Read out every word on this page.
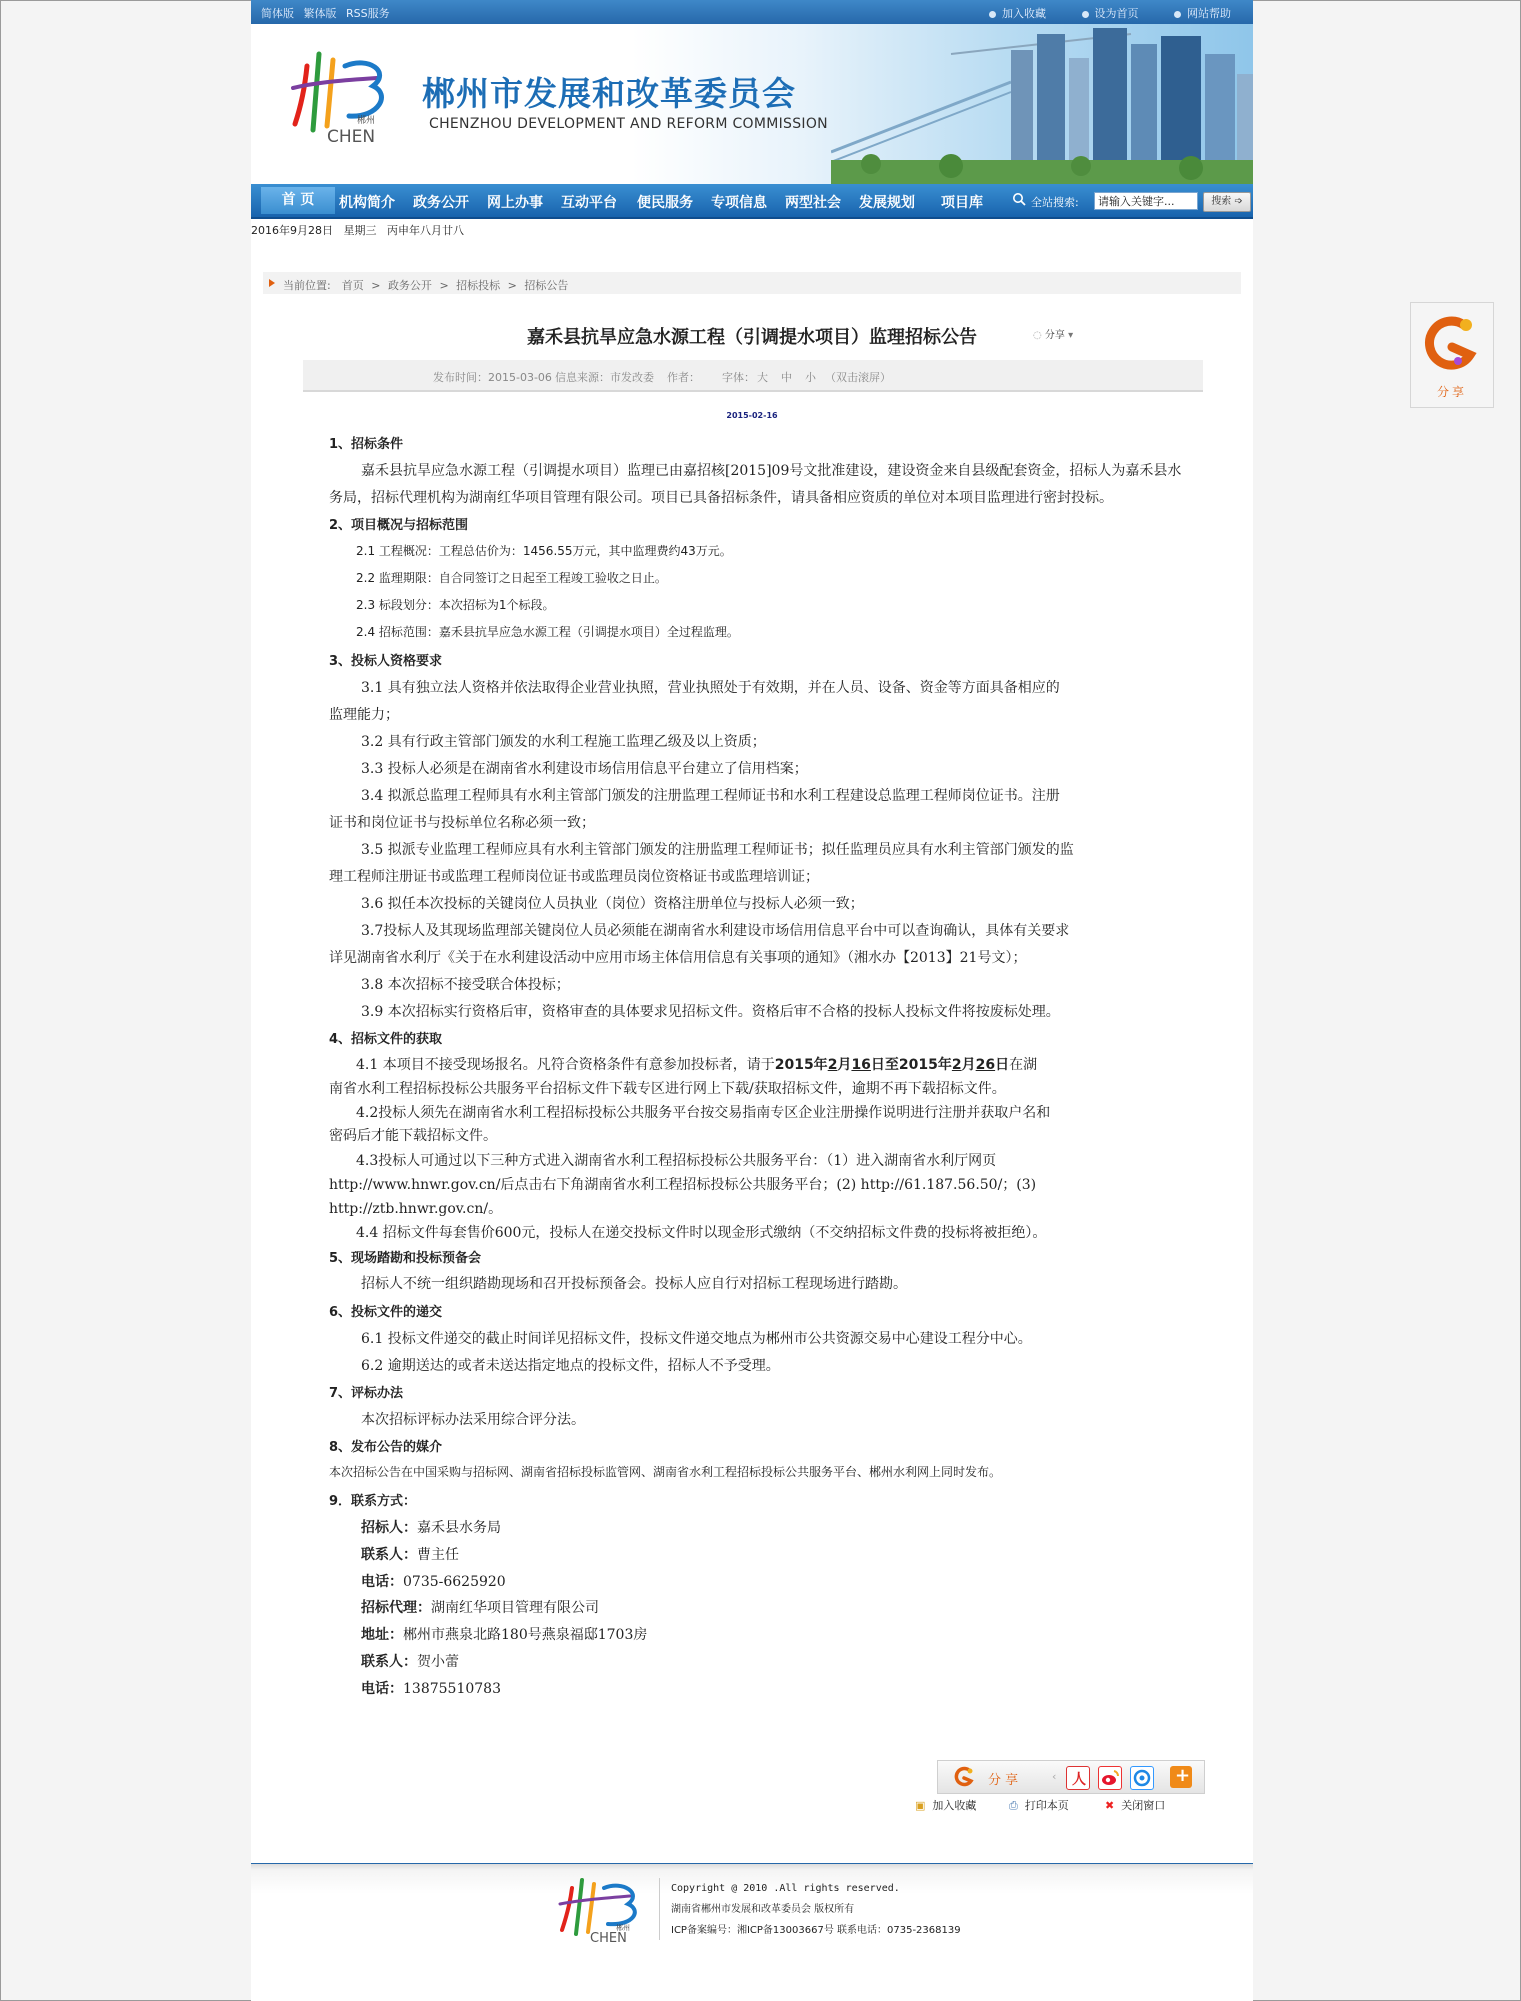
简体版 繁体版 RSS服务	加入收藏	设为首页	网站帮助
郴州
CHEN
郴州市发展和改革委员会
CHENZHOU DEVELOPMENT AND REFORM COMMISSION
首 页	机构简介 政务公开 网上办事 互动平台 便民服务 专项信息 两型社会 发展规划 项目库	全站搜索:
请输入关键字...	搜索 ➩
2016年9月28日   星期三   丙申年八月廿八
当前位置: 首页 > 政务公开 > 招标投标 > 招标公告
嘉禾县抗旱应急水源工程（引调提水项目）监理招标公告	◌ 分享 ▾
发布时间：2015-03-06 信息来源：市发改委 作者： 字体： 大 中 小 （双击滚屏）
2015-02-16
1、招标条件
嘉禾县抗旱应急水源工程（引调提水项目）监理已由嘉招核[2015]09号文批准建设，建设资金来自县级配套资金，招标人为嘉禾县水
务局，招标代理机构为湖南红华项目管理有限公司。项目已具备招标条件，请具备相应资质的单位对本项目监理进行密封投标。
2、项目概况与招标范围
2.1 工程概况：工程总估价为：1456.55万元，其中监理费约43万元。
2.2 监理期限：自合同签订之日起至工程竣工验收之日止。
2.3 标段划分：本次招标为1个标段。
2.4 招标范围：嘉禾县抗旱应急水源工程（引调提水项目）全过程监理。
3、投标人资格要求
3.1 具有独立法人资格并依法取得企业营业执照，营业执照处于有效期，并在人员、设备、资金等方面具备相应的
监理能力；
3.2 具有行政主管部门颁发的水利工程施工监理乙级及以上资质；
3.3 投标人必须是在湖南省水利建设市场信用信息平台建立了信用档案；
3.4 拟派总监理工程师具有水利主管部门颁发的注册监理工程师证书和水利工程建设总监理工程师岗位证书。注册
证书和岗位证书与投标单位名称必须一致；
3.5 拟派专业监理工程师应具有水利主管部门颁发的注册监理工程师证书；拟任监理员应具有水利主管部门颁发的监
理工程师注册证书或监理工程师岗位证书或监理员岗位资格证书或监理培训证；
3.6 拟任本次投标的关键岗位人员执业（岗位）资格注册单位与投标人必须一致；
3.7投标人及其现场监理部关键岗位人员必须能在湖南省水利建设市场信用信息平台中可以查询确认，具体有关要求
详见湖南省水利厅《关于在水利建设活动中应用市场主体信用信息有关事项的通知》（湘水办【2013】21号文）；
3.8 本次招标不接受联合体投标；
3.9 本次招标实行资格后审，资格审查的具体要求见招标文件。资格后审不合格的投标人投标文件将按废标处理。
4、招标文件的获取
4.1 本项目不接受现场报名。凡符合资格条件有意参加投标者，请于2015年2月16日至2015年2月26日在湖
南省水利工程招标投标公共服务平台招标文件下载专区进行网上下载/获取招标文件，逾期不再下载招标文件。
4.2投标人须先在湖南省水利工程招标投标公共服务平台按交易指南专区企业注册操作说明进行注册并获取户名和
密码后才能下载招标文件。
4.3投标人可通过以下三种方式进入湖南省水利工程招标投标公共服务平台：（1）进入湖南省水利厅网页
http://www.hnwr.gov.cn/后点击右下角湖南省水利工程招标投标公共服务平台；(2) http://61.187.56.50/；(3)
http://ztb.hnwr.gov.cn/。
4.4 招标文件每套售价600元，投标人在递交投标文件时以现金形式缴纳（不交纳招标文件费的投标将被拒绝）。
5、现场踏勘和投标预备会
招标人不统一组织踏勘现场和召开投标预备会。投标人应自行对招标工程现场进行踏勘。
6、投标文件的递交
6.1 投标文件递交的截止时间详见招标文件，投标文件递交地点为郴州市公共资源交易中心建设工程分中心。
6.2 逾期送达的或者未送达指定地点的投标文件，招标人不予受理。
7、评标办法
本次招标评标办法采用综合评分法。
8、发布公告的媒介
本次招标公告在中国采购与招标网、湖南省招标投标监管网、湖南省水利工程招标投标公共服务平台、郴州水利网上同时发布。
9．联系方式：
招标人：嘉禾县水务局
联系人：曹主任
电话：0735-6625920
招标代理：湖南红华项目管理有限公司
地址：郴州市燕泉北路180号燕泉福邸1703房
联系人：贺小蕾
电话：13875510783
分 享	‹ 人	+
▣ 加入收藏	⎙ 打印本页	✖ 关闭窗口
郴州
CHEN
Copyright @ 2010 .All rights reserved.
湖南省郴州市发展和改革委员会 版权所有
ICP备案编号：湘ICP备13003667号 联系电话：0735-2368139
分享
